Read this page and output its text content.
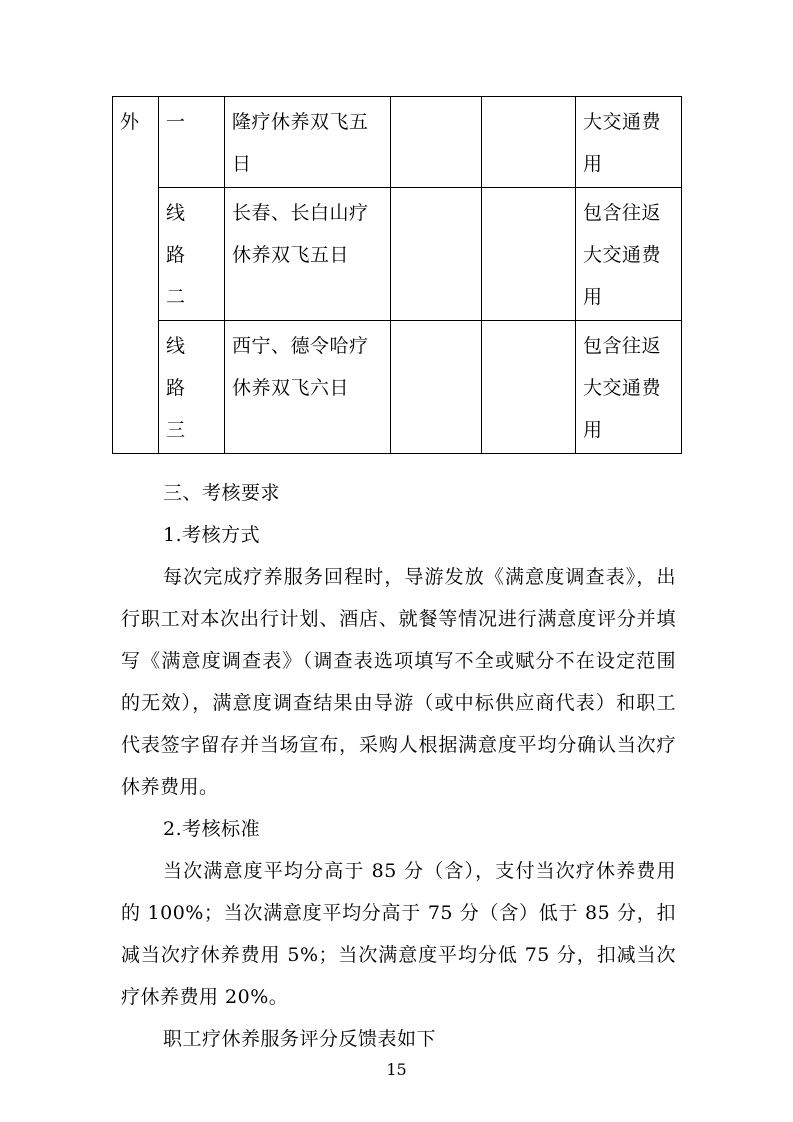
外	一	隆疗休养双飞五日			大交通费用

	线路二	长春、长白山疗休养双飞五日			包含往返大交通费用

	线路三	西宁、德令哈疗休养双飞六日			包含往返大交通费用

三、考核要求

1.考核方式

每次完成疗养服务回程时，导游发放《满意度调查表》，出行职工对本次出行计划、酒店、就餐等情况进行满意度评分并填写《满意度调查表》（调查表选项填写不全或赋分不在设定范围的无效），满意度调查结果由导游（或中标供应商代表）和职工代表签字留存并当场宣布，采购人根据满意度平均分确认当次疗休养费用。

2.考核标准

当次满意度平均分高于 85 分（含），支付当次疗休养费用的 100%；当次满意度平均分高于 75 分（含）低于 85 分，扣减当次疗休养费用 5%；当次满意度平均分低 75 分，扣减当次疗休养费用 20%。

职工疗休养服务评分反馈表如下

15
